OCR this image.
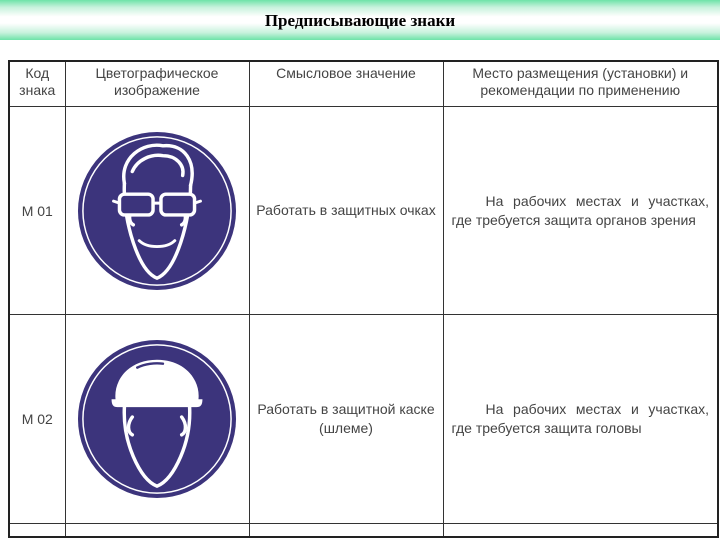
Предписывающие знаки
Код знака	Цветографическое изображение	Смысловое значение	Место размещения (установки) и рекомендации по применению
М 01		Работать в защитных очках	На рабочих местах и участках, где требуется защита органов зрения
М 02		Работать в защитной каске (шлеме)	На рабочих местах и участках, где требуется защита головы
